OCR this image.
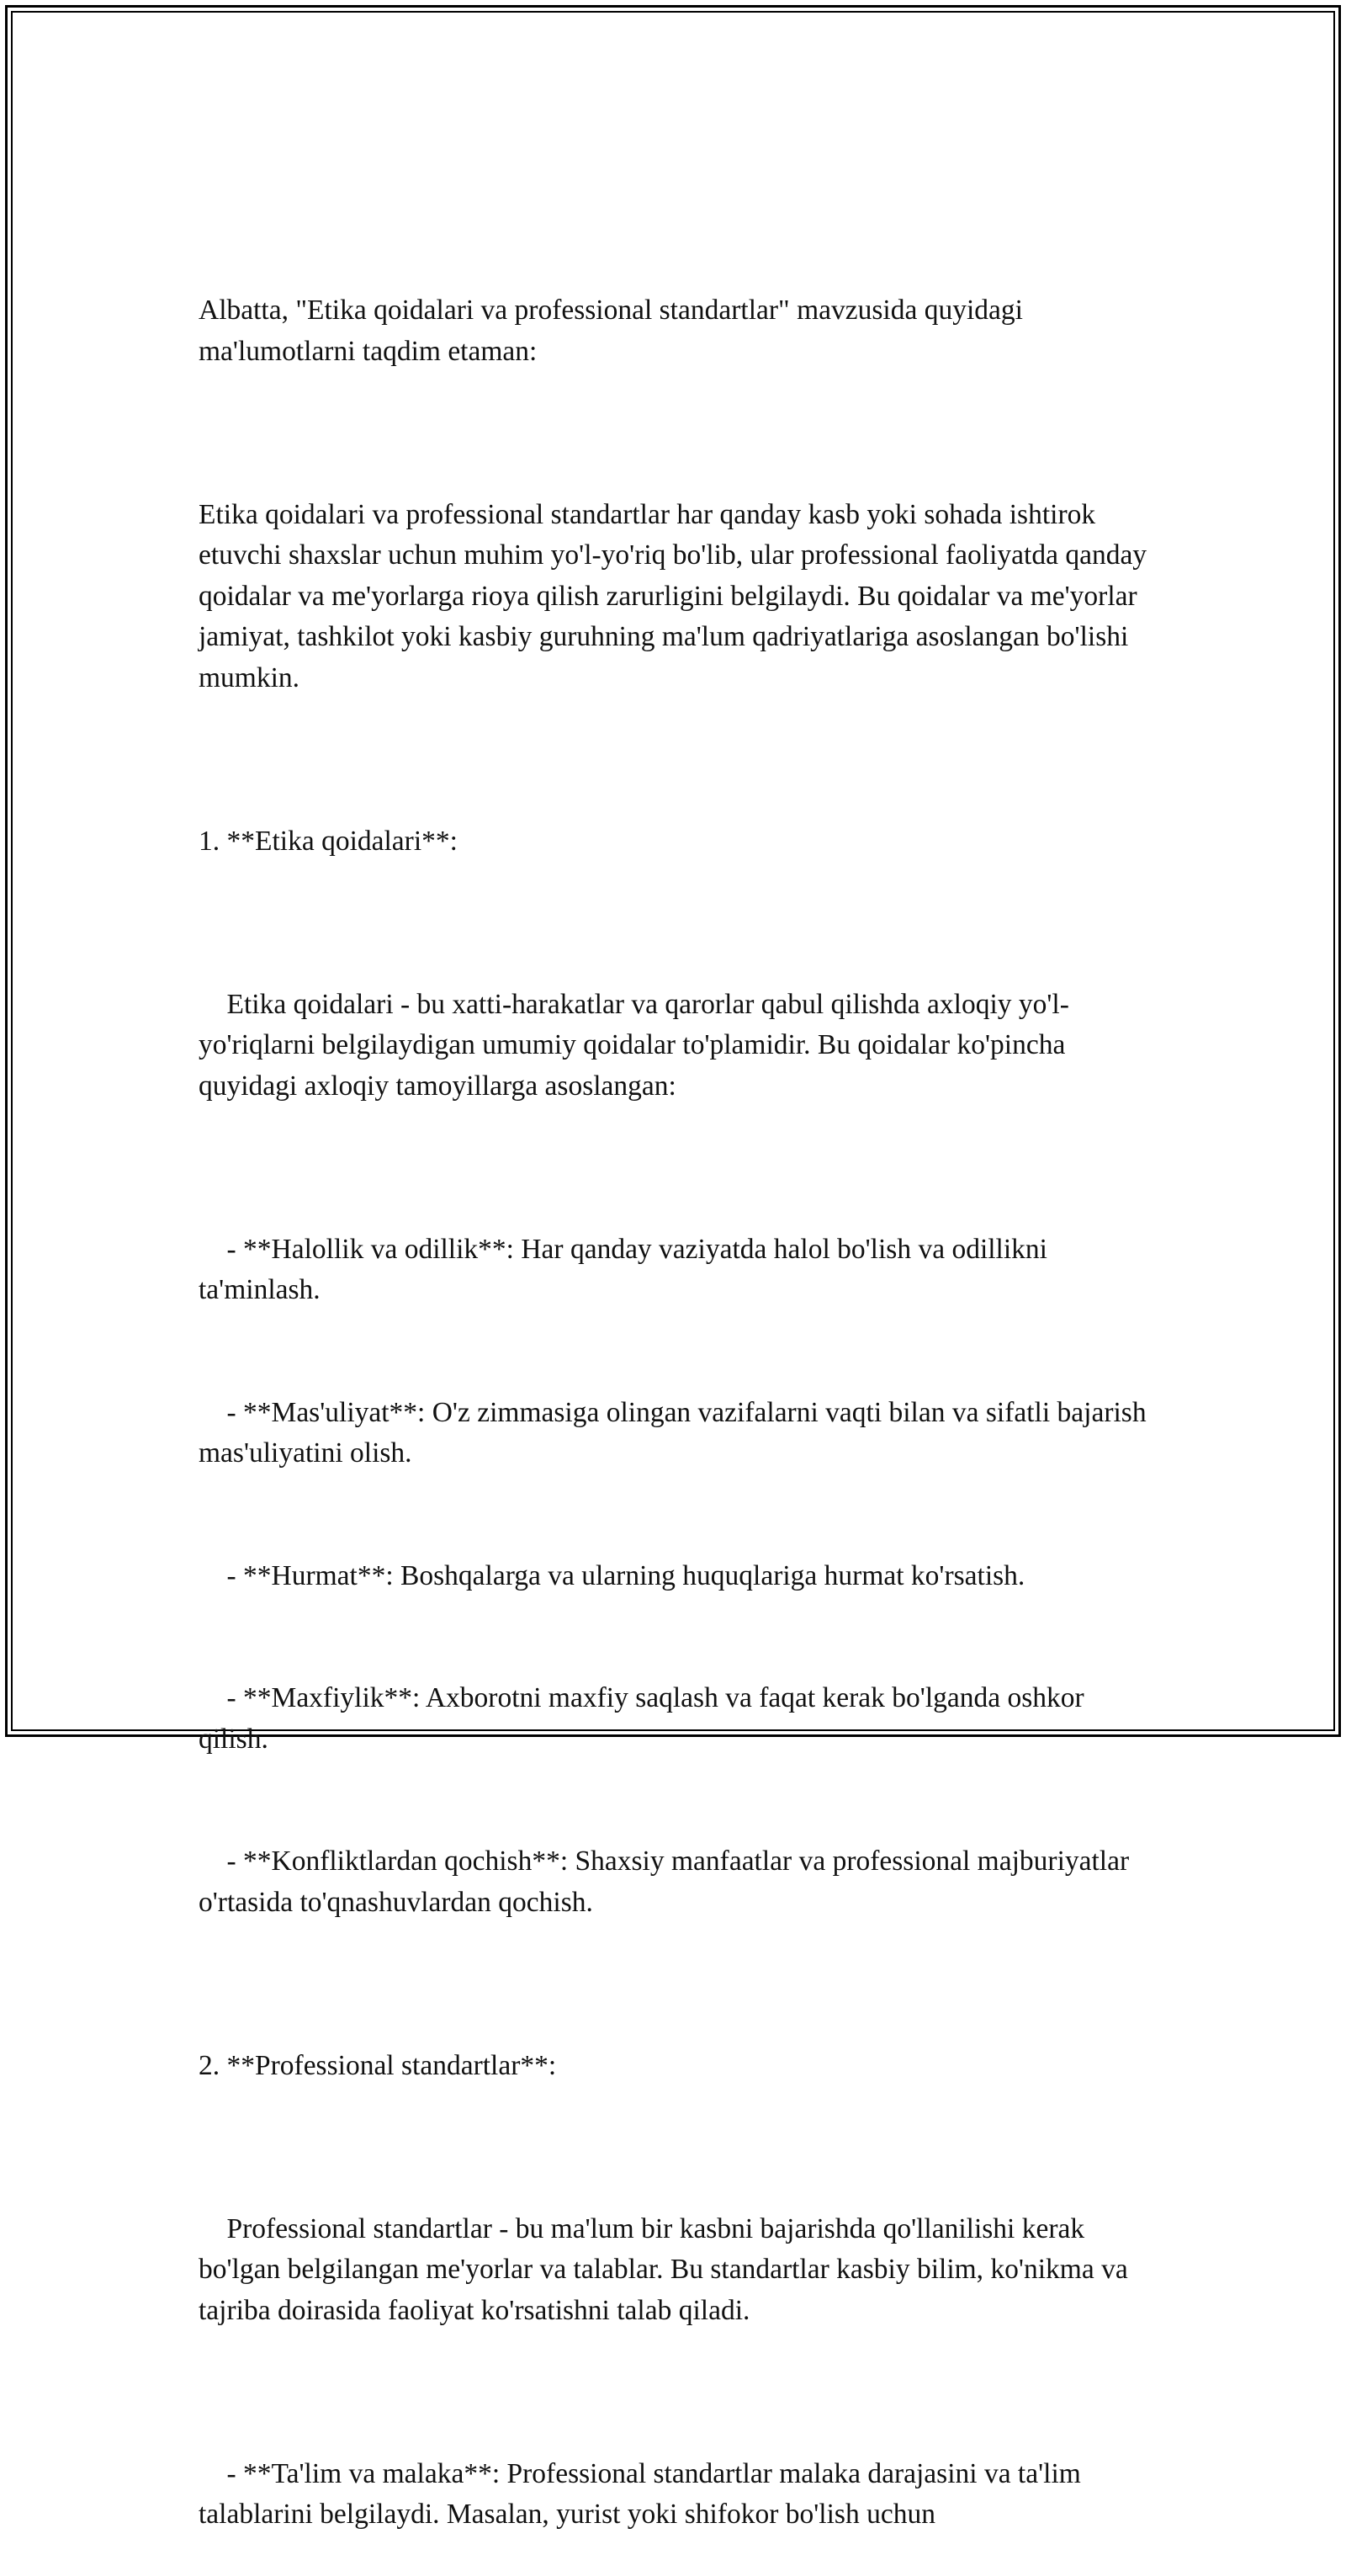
Albatta, "Etika qoidalari va professional standartlar" mavzusida quyidagi ma'lumotlarni taqdim etaman:

Etika qoidalari va professional standartlar har qanday kasb yoki sohada ishtirok etuvchi shaxslar uchun muhim yo'l-yo'riq bo'lib, ular professional faoliyatda qanday qoidalar va me'yorlarga rioya qilish zarurligini belgilaydi. Bu qoidalar va me'yorlar jamiyat, tashkilot yoki kasbiy guruhning ma'lum qadriyatlariga asoslangan bo'lishi mumkin.

1. **Etika qoidalari**:

Etika qoidalari - bu xatti-harakatlar va qarorlar qabul qilishda axloqiy yo'l-yo'riqlarni belgilaydigan umumiy qoidalar to'plamidir. Bu qoidalar ko'pincha quyidagi axloqiy tamoyillarga asoslangan:

- **Halollik va odillik**: Har qanday vaziyatda halol bo'lish va odillikni ta'minlash.

- **Mas'uliyat**: O'z zimmasiga olingan vazifalarni vaqti bilan va sifatli bajarish mas'uliyatini olish.

- **Hurmat**: Boshqalarga va ularning huquqlariga hurmat ko'rsatish.

- **Maxfiylik**: Axborotni maxfiy saqlash va faqat kerak bo'lganda oshkor qilish.

- **Konfliktlardan qochish**: Shaxsiy manfaatlar va professional majburiyatlar o'rtasida to'qnashuvlardan qochish.

2. **Professional standartlar**:

Professional standartlar - bu ma'lum bir kasbni bajarishda qo'llanilishi kerak bo'lgan belgilangan me'yorlar va talablar. Bu standartlar kasbiy bilim, ko'nikma va tajriba doirasida faoliyat ko'rsatishni talab qiladi.

- **Ta'lim va malaka**: Professional standartlar malaka darajasini va ta'lim talablarini belgilaydi. Masalan, yurist yoki shifokor bo'lish uchun
